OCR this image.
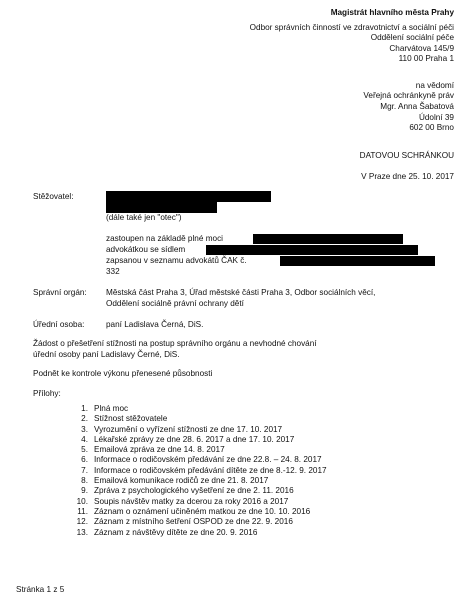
Magistrát hlavního města Prahy
Odbor správních činností ve zdravotnictví a sociální péči
Oddělení sociální péče
Charvátova 145/9
110 00 Praha 1
na vědomí
Veřejná ochránkyně práv
Mgr. Anna Šabatová
Údolní 39
602 00 Brno
DATOVOU SCHRÁNKOU
V Praze dne 25. 10. 2017
Stěžovatel:
(dále také jen "otec")
zastoupen na základě plné moci
advokátkou se sídlem
zapsanou v seznamu advokátů ČAK č.
332
Správní orgán: Městská část Praha 3, Úřad městské části Praha 3, Odbor sociálních věcí,
Oddělení sociálně právní ochrany dětí
Úřední osoba:	paní Ladislava Černá, DiS.
Žádost o přešetření stížnosti na postup správního orgánu a nevhodné chování
úřední osoby paní Ladislavy Černé, DiS.
Podnět ke kontrole výkonu přenesené působnosti
Přílohy:
1. Plná moc
2. Stížnost stěžovatele
3. Vyrozumění o vyřízení stížnosti ze dne 17. 10. 2017
4. Lékařské zprávy ze dne 28. 6. 2017 a dne 17. 10. 2017
5. Emailová zpráva ze dne 14. 8. 2017
6. Informace o rodičovském předávání ze dne 22.8. – 24. 8. 2017
7. Informace o rodičovském předávání dítěte ze dne 8.-12. 9. 2017
8. Emailová komunikace rodičů ze dne 21. 8. 2017
9. Zpráva z psychologického vyšetření ze dne 2. 11. 2016
10. Soupis návštěv matky za dcerou za roky 2016 a 2017
11. Záznam o oznámení učiněném matkou ze dne 10. 10. 2016
12. Záznam z místního šetření OSPOD ze dne 22. 9. 2016
13. Záznam z návštěvy dítěte ze dne 20. 9. 2016
Stránka 1 z 5
